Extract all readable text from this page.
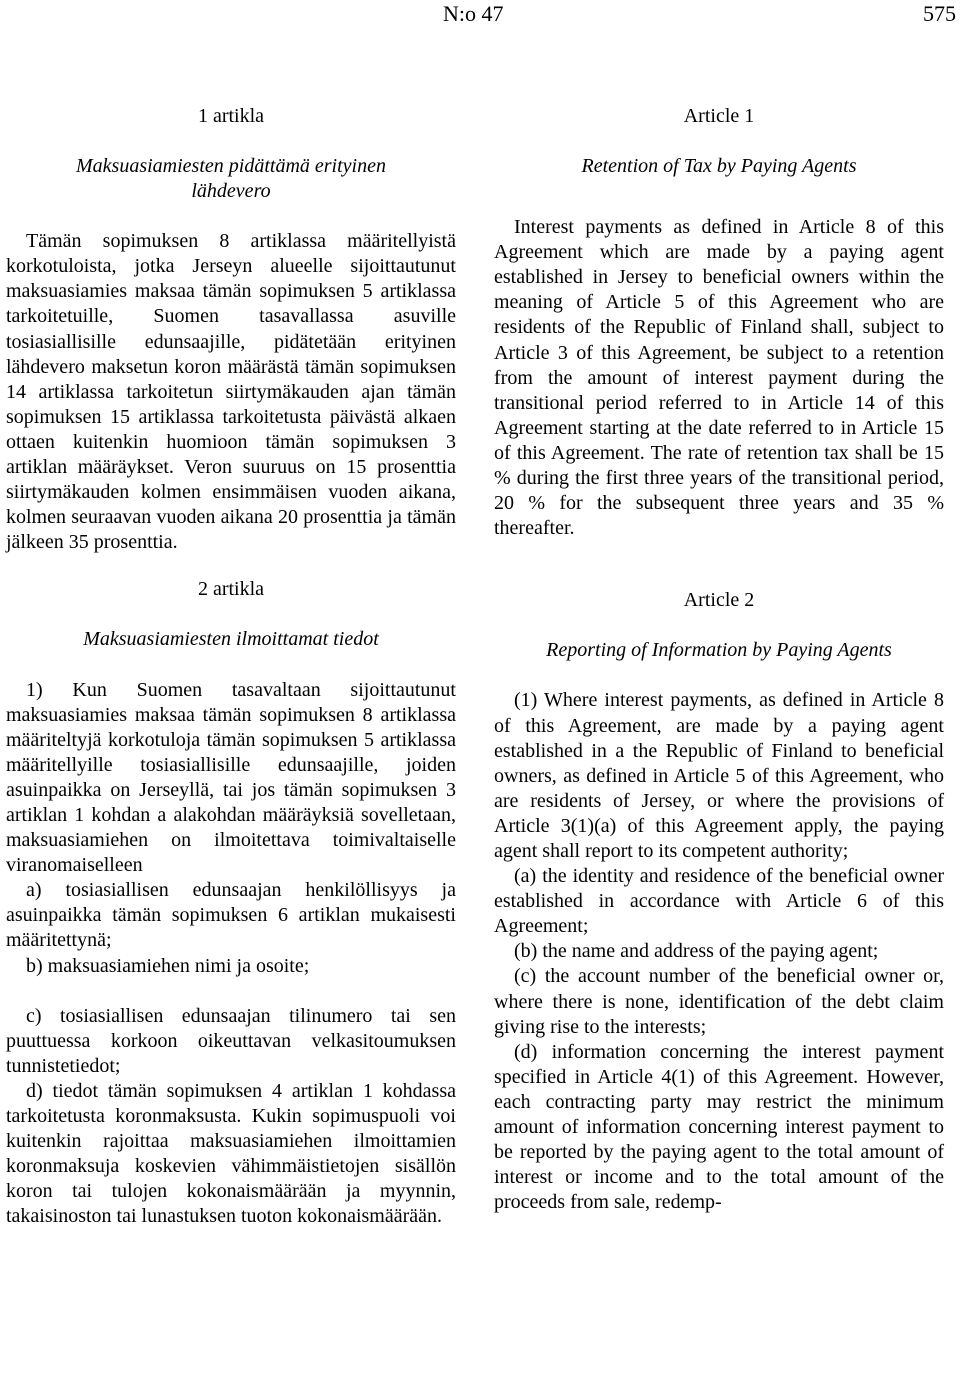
N:o 47	575
1 artikla
Maksuasiamiesten pidättämä erityinen lähdevero

Tämän sopimuksen 8 artiklassa määritellyistä korkotuloista, jotka Jerseyn alueelle sijoittautunut maksuasiamies maksaa tämän sopimuksen 5 artiklassa tarkoitetuille, Suomen tasavallassa asuville tosiasiallisille edunsaajille, pidätetään erityinen lähdevero maksetun koron määrästä tämän sopimuksen 14 artiklassa tarkoitetun siirtymäkauden ajan tämän sopimuksen 15 artiklassa tarkoitetusta päivästä alkaen ottaen kuitenkin huomioon tämän sopimuksen 3 artiklan määräykset. Veron suuruus on 15 prosenttia siirtymäkauden kolmen ensimmäisen vuoden aikana, kolmen seuraavan vuoden aikana 20 prosenttia ja tämän jälkeen 35 prosenttia.

2 artikla
Maksuasiamiesten ilmoittamat tiedot

1) Kun Suomen tasavaltaan sijoittautunut maksuasiamies maksaa tämän sopimuksen 8 artiklassa määriteltyjä korkotuloja tämän sopimuksen 5 artiklassa määritellyille tosiasiallisille edunsaajille, joiden asuinpaikka on Jerseyllä, tai jos tämän sopimuksen 3 artiklan 1 kohdan a alakohdan määräyksiä sovelletaan, maksuasiamiehen on ilmoitettava toimivaltaiselle viranomaiselleen

a) tosiasiallisen edunsaajan henkilöllisyys ja asuinpaikka tämän sopimuksen 6 artiklan mukaisesti määritettynä;

b) maksuasiamiehen nimi ja osoite;

c) tosiasiallisen edunsaajan tilinumero tai sen puuttuessa korkoon oikeuttavan velkasitoumuksen tunnistetiedot;

d) tiedot tämän sopimuksen 4 artiklan 1 kohdassa tarkoitetusta koronmaksusta. Kukin sopimuspuoli voi kuitenkin rajoittaa maksuasiamiehen ilmoittamien koronmaksuja koskevien vähimmäistietojen sisällön koron tai tulojen kokonaismäärään ja myynnin, takaisinoston tai lunastuksen tuoton kokonaismäärään.

Article 1
Retention of Tax by Paying Agents

Interest payments as defined in Article 8 of this Agreement which are made by a paying agent established in Jersey to beneficial owners within the meaning of Article 5 of this Agreement who are residents of the Republic of Finland shall, subject to Article 3 of this Agreement, be subject to a retention from the amount of interest payment during the transitional period referred to in Article 14 of this Agreement starting at the date referred to in Article 15 of this Agreement. The rate of retention tax shall be 15 % during the first three years of the transitional period, 20 % for the subsequent three years and 35 % thereafter.

Article 2
Reporting of Information by Paying Agents

(1) Where interest payments, as defined in Article 8 of this Agreement, are made by a paying agent established in a the Republic of Finland to beneficial owners, as defined in Article 5 of this Agreement, who are residents of Jersey, or where the provisions of Article 3(1)(a) of this Agreement apply, the paying agent shall report to its competent authority;

(a) the identity and residence of the beneficial owner established in accordance with Article 6 of this Agreement;

(b) the name and address of the paying agent;

(c) the account number of the beneficial owner or, where there is none, identification of the debt claim giving rise to the interests;

(d) information concerning the interest payment specified in Article 4(1) of this Agreement. However, each contracting party may restrict the minimum amount of information concerning interest payment to be reported by the paying agent to the total amount of interest or income and to the total amount of the proceeds from sale, redemp-
